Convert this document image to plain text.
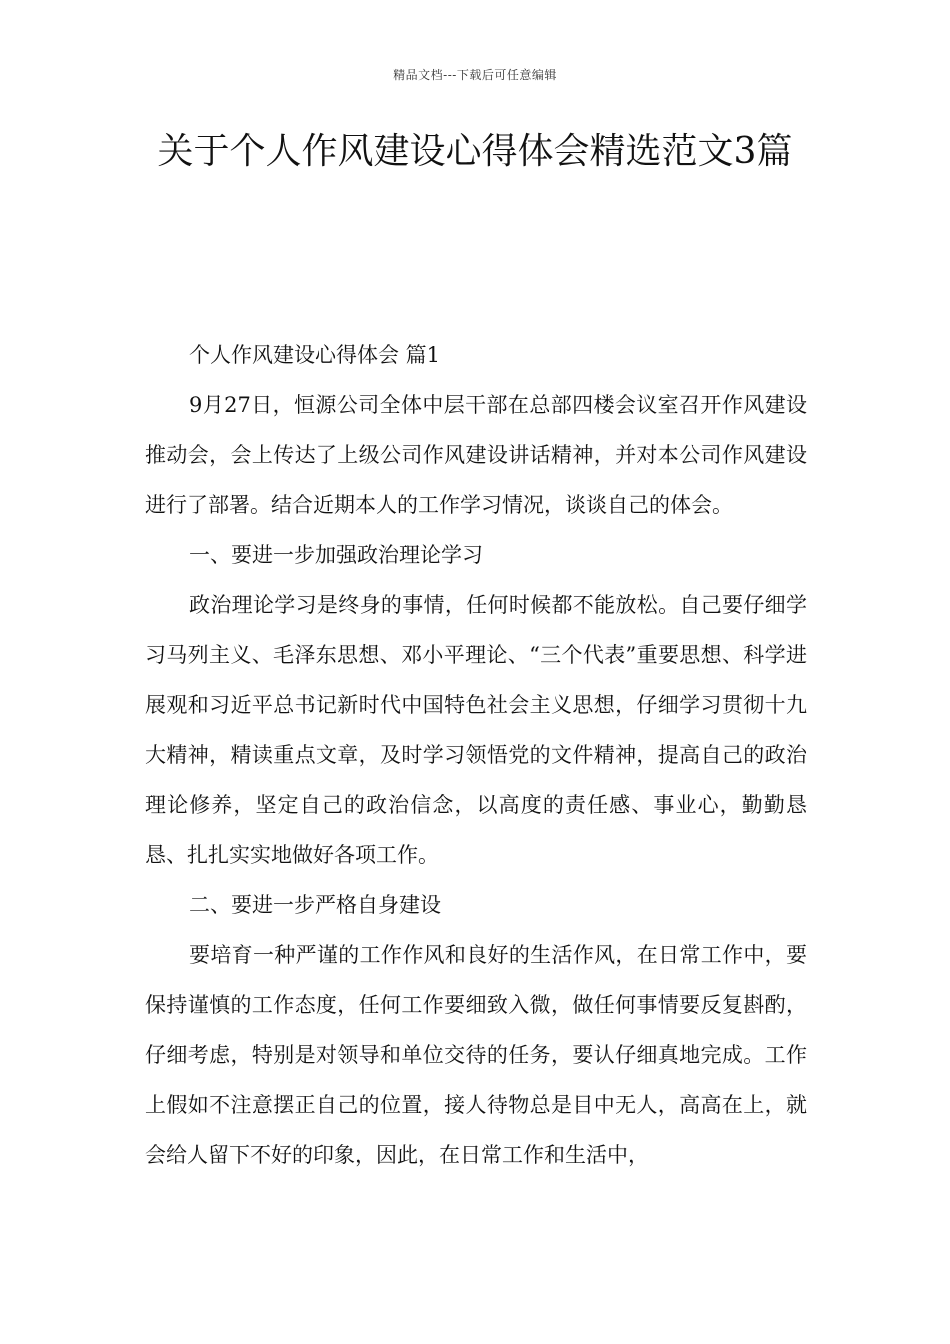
精品文档---下载后可任意编辑
关于个人作风建设心得体会精选范文3篇

个人作风建设心得体会 篇1

9月27日，恒源公司全体中层干部在总部四楼会议室召开作风建设推动会，会上传达了上级公司作风建设讲话精神，并对本公司作风建设进行了部署。结合近期本人的工作学习情况，谈谈自己的体会。

一、要进一步加强政治理论学习

政治理论学习是终身的事情，任何时候都不能放松。自己要仔细学习马列主义、毛泽东思想、邓小平理论、“三个代表”重要思想、科学进展观和习近平总书记新时代中国特色社会主义思想，仔细学习贯彻十九大精神，精读重点文章，及时学习领悟党的文件精神，提高自己的政治理论修养，坚定自己的政治信念，以高度的责任感、事业心，勤勤恳恳、扎扎实实地做好各项工作。

二、要进一步严格自身建设

要培育一种严谨的工作作风和良好的生活作风，在日常工作中，要保持谨慎的工作态度，任何工作要细致入微，做任何事情要反复斟酌，仔细考虑，特别是对领导和单位交待的任务，要认仔细真地完成。工作上假如不注意摆正自己的位置，接人待物总是目中无人，高高在上，就会给人留下不好的印象，因此，在日常工作和生活中，
